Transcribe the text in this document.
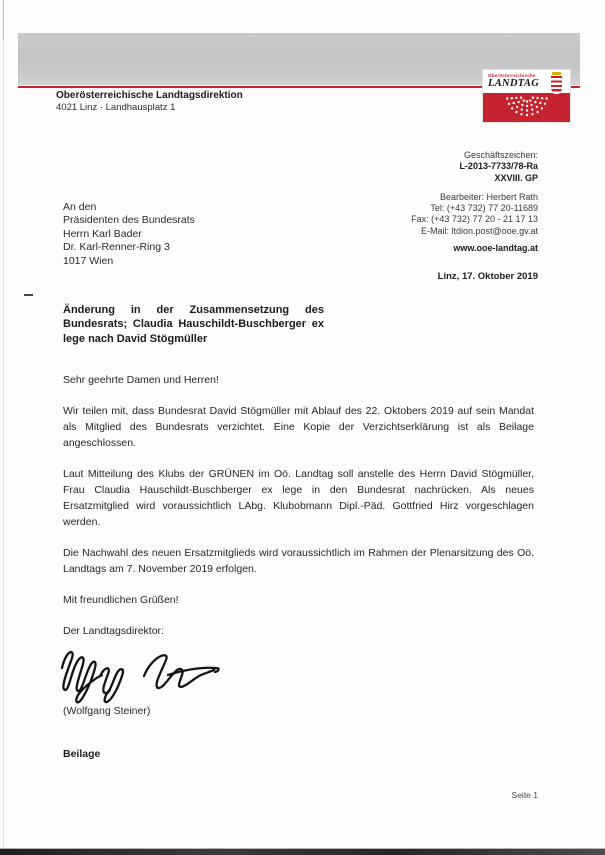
Oberösterreichische
LANDTAG
Oberösterreichische Landtagsdirektion
4021 Linz · Landhausplatz 1
Geschäftszeichen:
L-2013-7733/78-Ra
XXVIII. GP
Bearbeiter: Herbert Rath
Tel: (+43 732) 77 20-11689
Fax: (+43 732) 77 20 - 21 17 13
E-Mail: ltdion.post@ooe.gv.at
www.ooe-landtag.at
Linz, 17. Oktober 2019
An den
Präsidenten des Bundesrats
Herrn Karl Bader
Dr. Karl-Renner-Ring 3
1017 Wien
Änderung in der Zusammensetzung des
Bundesrats; Claudia Hauschildt-Buschberger ex
lege nach David Stögmüller
Sehr geehrte Damen und Herren!

Wir teilen mit, dass Bundesrat David Stögmüller mit Ablauf des 22. Oktobers 2019 auf sein Mandat als Mitglied des Bundesrats verzichtet. Eine Kopie der Verzichtserklärung ist als Beilage angeschlossen.

Laut Mitteilung des Klubs der GRÜNEN im Oö. Landtag soll anstelle des Herrn David Stögmüller, Frau Claudia Hauschildt-Buschberger ex lege in den Bundesrat nachrücken. Als neues Ersatzmitglied wird voraussichtlich LAbg. Klubobmann Dipl.-Päd. Gottfried Hirz vorgeschlagen werden.

Die Nachwahl des neuen Ersatzmitglieds wird voraussichtlich im Rahmen der Plenarsitzung des Oö. Landtags am 7. November 2019 erfolgen.

Mit freundlichen Grüßen!
Der Landtagsdirektor:
(Wolfgang Steiner)
Beilage
Seite 1
